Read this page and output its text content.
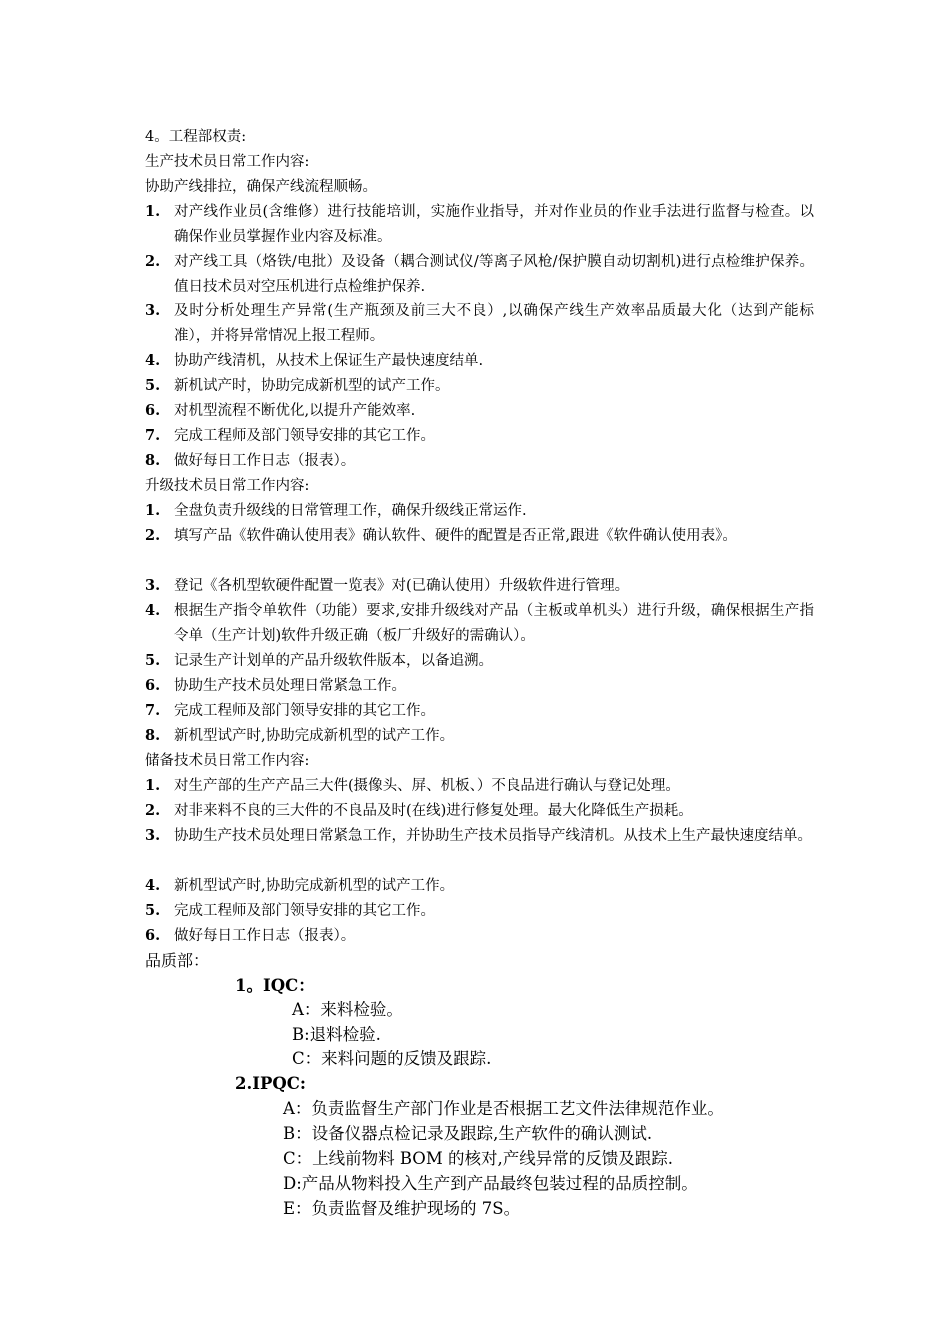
4。工程部权责:
生产技术员日常工作内容:
协助产线排拉，确保产线流程顺畅。
1. 对产线作业员(含维修）进行技能培训，实施作业指导，并对作业员的作业手法进行监督与检查。以确保作业员掌握作业内容及标准。
2. 对产线工具（烙铁/电批）及设备（耦合测试仪/等离子风枪/保护膜自动切割机)进行点检维护保养。值日技术员对空压机进行点检维护保养.
3. 及时分析处理生产异常(生产瓶颈及前三大不良）,以确保产线生产效率品质最大化（达到产能标准），并将异常情况上报工程师。
4. 协助产线清机，从技术上保证生产最快速度结单.
5. 新机试产时，协助完成新机型的试产工作。
6. 对机型流程不断优化,以提升产能效率.
7. 完成工程师及部门领导安排的其它工作。
8. 做好每日工作日志（报表）。
升级技术员日常工作内容:
1. 全盘负责升级线的日常管理工作，确保升级线正常运作.
2. 填写产品《软件确认使用表》确认软件、硬件的配置是否正常,跟进《软件确认使用表》。
3. 登记《各机型软硬件配置一览表》对(已确认使用）升级软件进行管理。
4. 根据生产指令单软件（功能）要求,安排升级线对产品（主板或单机头）进行升级，确保根据生产指令单（生产计划)软件升级正确（板厂升级好的需确认）。
5. 记录生产计划单的产品升级软件版本，以备追溯。
6. 协助生产技术员处理日常紧急工作。
7. 完成工程师及部门领导安排的其它工作。
8. 新机型试产时,协助完成新机型的试产工作。
储备技术员日常工作内容:
1. 对生产部的生产产品三大件(摄像头、屏、机板、）不良品进行确认与登记处理。
2. 对非来料不良的三大件的不良品及时(在线)进行修复处理。最大化降低生产损耗。
3. 协助生产技术员处理日常紧急工作，并协助生产技术员指导产线清机。从技术上生产最快速度结单。
4. 新机型试产时,协助完成新机型的试产工作。
5. 完成工程师及部门领导安排的其它工作。
6. 做好每日工作日志（报表）。
品质部：
1。IQC：
A：来料检验。
B:退料检验.
C：来料问题的反馈及跟踪.
2.IPQC:
A：负责监督生产部门作业是否根据工艺文件法律规范作业。
B：设备仪器点检记录及跟踪,生产软件的确认测试.
C：上线前物料 BOM 的核对,产线异常的反馈及跟踪.
D:产品从物料投入生产到产品最终包装过程的品质控制。
E：负责监督及维护现场的 7S。
